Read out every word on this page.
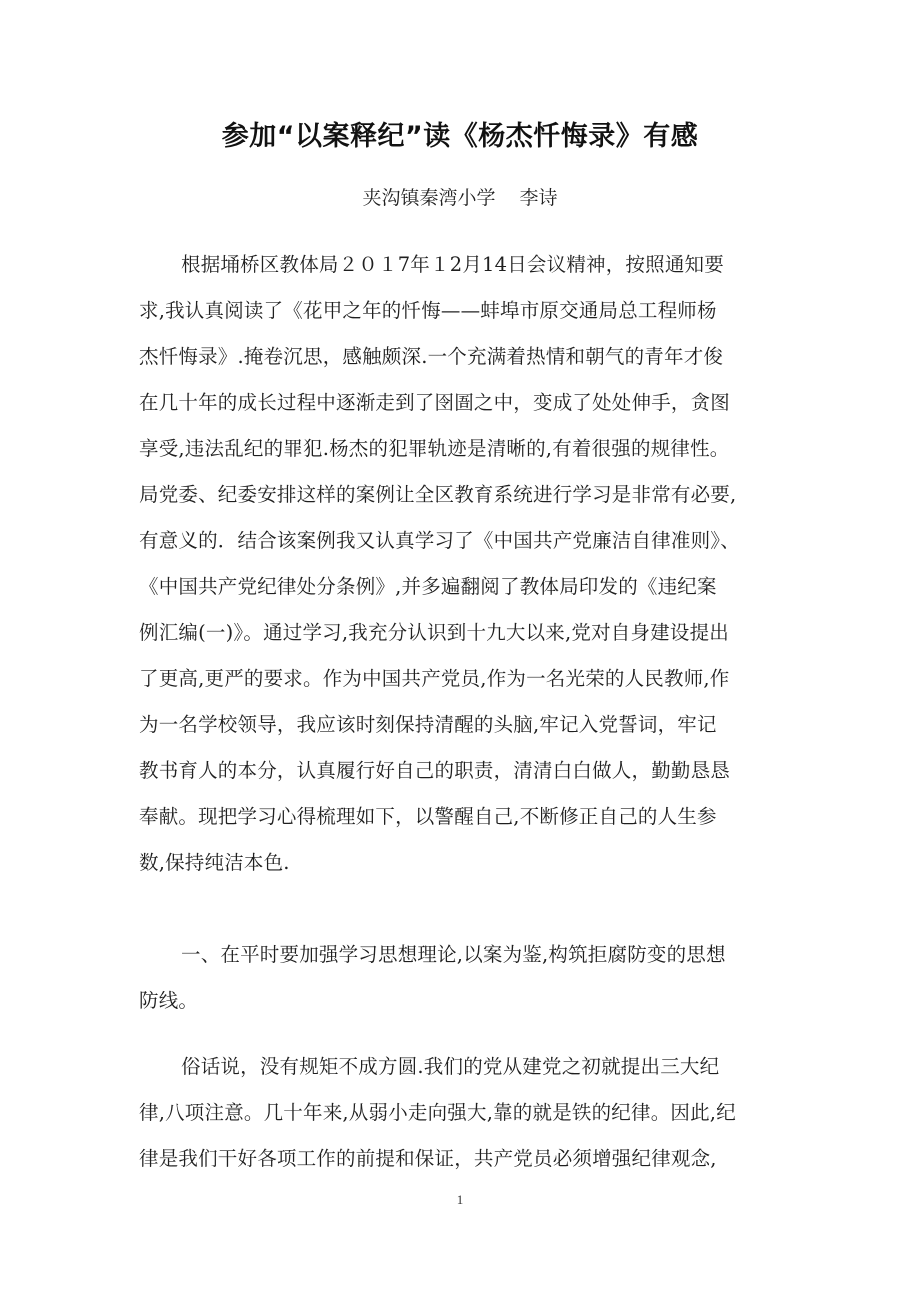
参加“以案释纪”读《杨杰忏悔录》有感
夹沟镇秦湾小学 李诗
根据埇桥区教体局２０１7年１2月14日会议精神，按照通知要
求,我认真阅读了《花甲之年的忏悔——蚌埠市原交通局总工程师杨
杰忏悔录》.掩卷沉思，感触颇深.一个充满着热情和朝气的青年才俊
在几十年的成长过程中逐渐走到了囹圄之中，变成了处处伸手，贪图
享受,违法乱纪的罪犯.杨杰的犯罪轨迹是清晰的,有着很强的规律性。
局党委、纪委安排这样的案例让全区教育系统进行学习是非常有必要,
有意义的．结合该案例我又认真学习了《中国共产党廉洁自律准则》、
《中国共产党纪律处分条例》,并多遍翻阅了教体局印发的《违纪案
例汇编(一)》。通过学习,我充分认识到十九大以来,党对自身建设提出
了更高,更严的要求。作为中国共产党员,作为一名光荣的人民教师,作
为一名学校领导，我应该时刻保持清醒的头脑,牢记入党誓词，牢记
教书育人的本分，认真履行好自己的职责，清清白白做人，勤勤恳恳
奉献。现把学习心得梳理如下，以警醒自己,不断修正自己的人生参
数,保持纯洁本色.
一、在平时要加强学习思想理论,以案为鉴,构筑拒腐防变的思想
防线。
俗话说，没有规矩不成方圆.我们的党从建党之初就提出三大纪
律,八项注意。几十年来,从弱小走向强大,靠的就是铁的纪律。因此,纪
律是我们干好各项工作的前提和保证，共产党员必须增强纪律观念,
1
